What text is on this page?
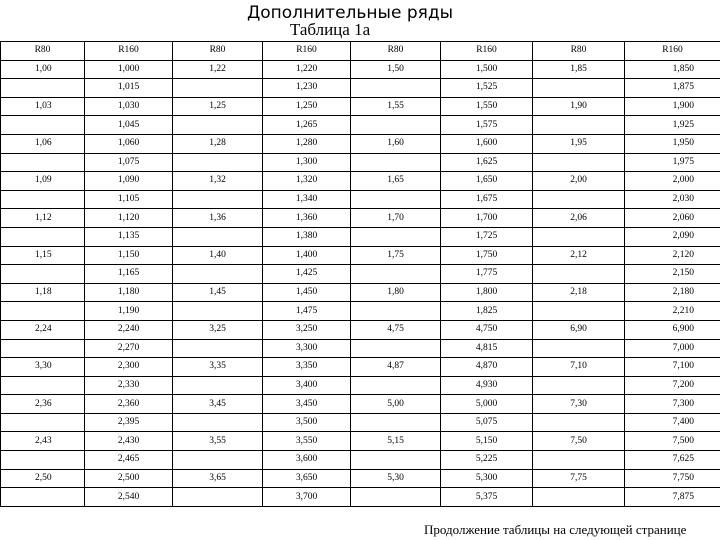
Дополнительные ряды
Таблица 1а
R80	R160	R80	R160	R80	R160	R80	R160
1,00	1,000	1,22	1,220	1,50	1,500	1,85	1,850
	1,015		1,230		1,525		1,875
1,03	1,030	1,25	1,250	1,55	1,550	1,90	1,900
	1,045		1,265		1,575		1,925
1,06	1,060	1,28	1,280	1,60	1,600	1,95	1,950
	1,075		1,300		1,625		1,975
1,09	1,090	1,32	1,320	1,65	1,650	2,00	2,000
	1,105		1,340		1,675		2,030
1,12	1,120	1,36	1,360	1,70	1,700	2,06	2,060
	1,135		1,380		1,725		2,090
1,15	1,150	1,40	1,400	1,75	1,750	2,12	2,120
	1,165		1,425		1,775		2,150
1,18	1,180	1,45	1,450	1,80	1,800	2,18	2,180
	1,190		1,475		1,825		2,210
2,24	2,240	3,25	3,250	4,75	4,750	6,90	6,900
	2,270		3,300		4,815		7,000
3,30	2,300	3,35	3,350	4,87	4,870	7,10	7,100
	2,330		3,400		4,930		7,200
2,36	2,360	3,45	3,450	5,00	5,000	7,30	7,300
	2,395		3,500		5,075		7,400
2,43	2,430	3,55	3,550	5,15	5,150	7,50	7,500
	2,465		3,600		5,225		7,625
2,50	2,500	3,65	3,650	5,30	5,300	7,75	7,750
	2,540		3,700		5,375		7,875
Продолжение таблицы на следующей странице
